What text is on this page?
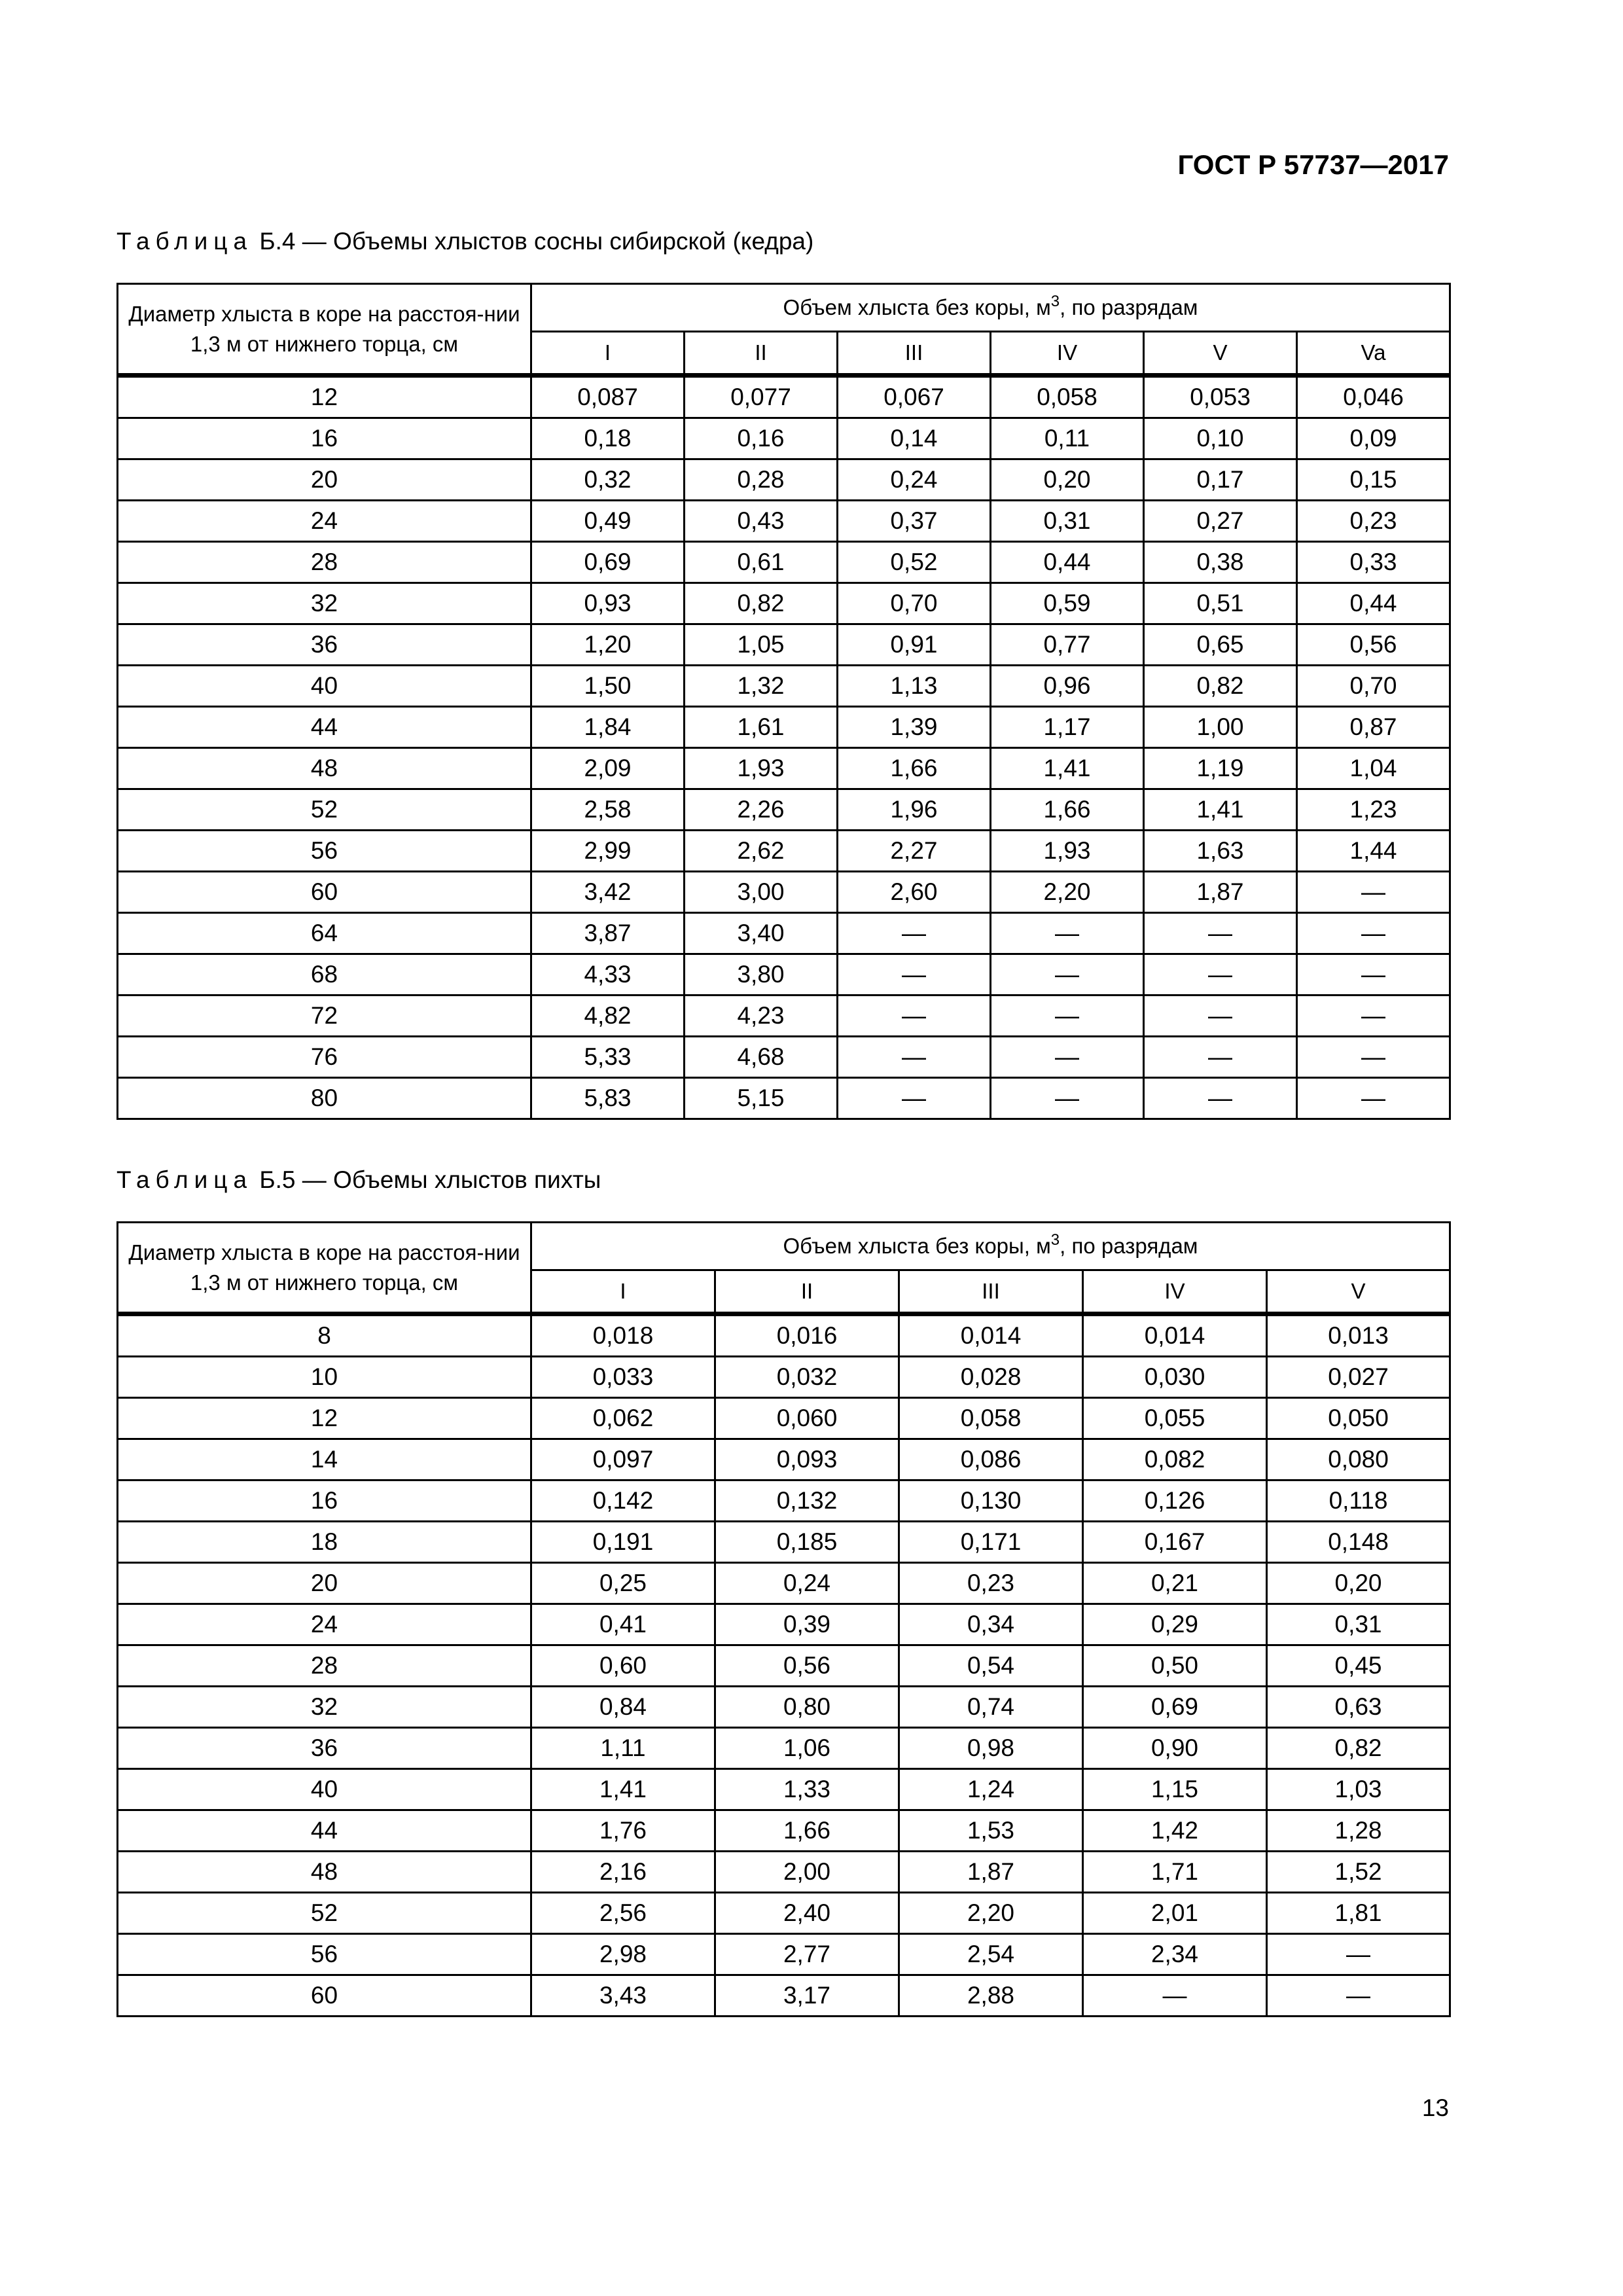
ГОСТ Р 57737—2017
Таблица Б.4 — Объемы хлыстов сосны сибирской (кедра)
Диаметр хлыста в коре на расстоя-нии 1,3 м от нижнего торца, см	Объем хлыста без коры, $м^3$, по разрядам					
	I	II	III	IV	V	Va
12	0,087	0,077	0,067	0,058	0,053	0,046
16	0,18	0,16	0,14	0,11	0,10	0,09
20	0,32	0,28	0,24	0,20	0,17	0,15
24	0,49	0,43	0,37	0,31	0,27	0,23
28	0,69	0,61	0,52	0,44	0,38	0,33
32	0,93	0,82	0,70	0,59	0,51	0,44
36	1,20	1,05	0,91	0,77	0,65	0,56
40	1,50	1,32	1,13	0,96	0,82	0,70
44	1,84	1,61	1,39	1,17	1,00	0,87
48	2,09	1,93	1,66	1,41	1,19	1,04
52	2,58	2,26	1,96	1,66	1,41	1,23
56	2,99	2,62	2,27	1,93	1,63	1,44
60	3,42	3,00	2,60	2,20	1,87	—
64	3,87	3,40	—	—	—	—
68	4,33	3,80	—	—	—	—
72	4,82	4,23	—	—	—	—
76	5,33	4,68	—	—	—	—
80	5,83	5,15	—	—	—	—
Таблица Б.5 — Объемы хлыстов пихты
Диаметр хлыста в коре на расстоя-нии 1,3 м от нижнего торца, см	Объем хлыста без коры, $м^3$, по разрядам				
	I	II	III	IV	V
8	0,018	0,016	0,014	0,014	0,013
10	0,033	0,032	0,028	0,030	0,027
12	0,062	0,060	0,058	0,055	0,050
14	0,097	0,093	0,086	0,082	0,080
16	0,142	0,132	0,130	0,126	0,118
18	0,191	0,185	0,171	0,167	0,148
20	0,25	0,24	0,23	0,21	0,20
24	0,41	0,39	0,34	0,29	0,31
28	0,60	0,56	0,54	0,50	0,45
32	0,84	0,80	0,74	0,69	0,63
36	1,11	1,06	0,98	0,90	0,82
40	1,41	1,33	1,24	1,15	1,03
44	1,76	1,66	1,53	1,42	1,28
48	2,16	2,00	1,87	1,71	1,52
52	2,56	2,40	2,20	2,01	1,81
56	2,98	2,77	2,54	2,34	—
60	3,43	3,17	2,88	—	—
13
